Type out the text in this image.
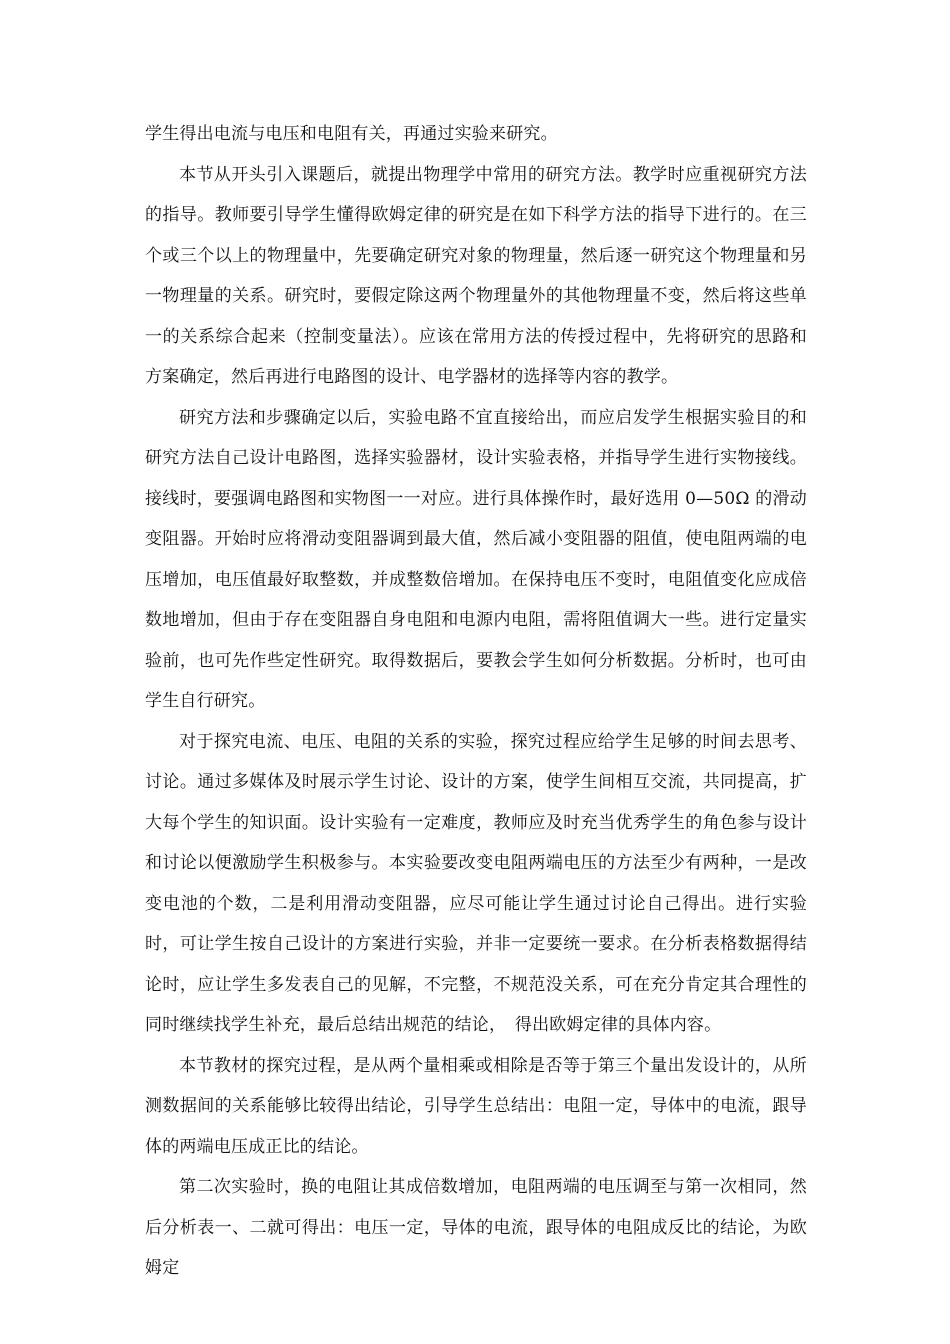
学生得出电流与电压和电阻有关，再通过实验来研究。

本节从开头引入课题后，就提出物理学中常用的研究方法。教学时应重视研究方法的指导。教师要引导学生懂得欧姆定律的研究是在如下科学方法的指导下进行的。在三个或三个以上的物理量中，先要确定研究对象的物理量，然后逐一研究这个物理量和另一物理量的关系。研究时，要假定除这两个物理量外的其他物理量不变，然后将这些单一的关系综合起来（控制变量法）。应该在常用方法的传授过程中，先将研究的思路和方案确定，然后再进行电路图的设计、电学器材的选择等内容的教学。

研究方法和步骤确定以后，实验电路不宜直接给出，而应启发学生根据实验目的和研究方法自己设计电路图，选择实验器材，设计实验表格，并指导学生进行实物接线。接线时，要强调电路图和实物图一一对应。进行具体操作时，最好选用 0—50Ω 的滑动变阻器。开始时应将滑动变阻器调到最大值，然后减小变阻器的阻值，使电阻两端的电压增加，电压值最好取整数，并成整数倍增加。在保持电压不变时，电阻值变化应成倍数地增加，但由于存在变阻器自身电阻和电源内电阻，需将阻值调大一些。进行定量实验前，也可先作些定性研究。取得数据后，要教会学生如何分析数据。分析时，也可由学生自行研究。

对于探究电流、电压、电阻的关系的实验，探究过程应给学生足够的时间去思考、讨论。通过多媒体及时展示学生讨论、设计的方案，使学生间相互交流，共同提高，扩大每个学生的知识面。设计实验有一定难度，教师应及时充当优秀学生的角色参与设计和讨论以便激励学生积极参与。本实验要改变电阻两端电压的方法至少有两种，一是改变电池的个数，二是利用滑动变阻器，应尽可能让学生通过讨论自己得出。进行实验时，可让学生按自己设计的方案进行实验，并非一定要统一要求。在分析表格数据得结论时，应让学生多发表自己的见解，不完整，不规范没关系，可在充分肯定其合理性的同时继续找学生补充，最后总结出规范的结论，　得出欧姆定律的具体内容。

本节教材的探究过程，是从两个量相乘或相除是否等于第三个量出发设计的，从所测数据间的关系能够比较得出结论，引导学生总结出：电阻一定，导体中的电流，跟导体的两端电压成正比的结论。

第二次实验时，换的电阻让其成倍数增加，电阻两端的电压调至与第一次相同，然后分析表一、二就可得出：电压一定，导体的电流，跟导体的电阻成反比的结论，为欧姆定
